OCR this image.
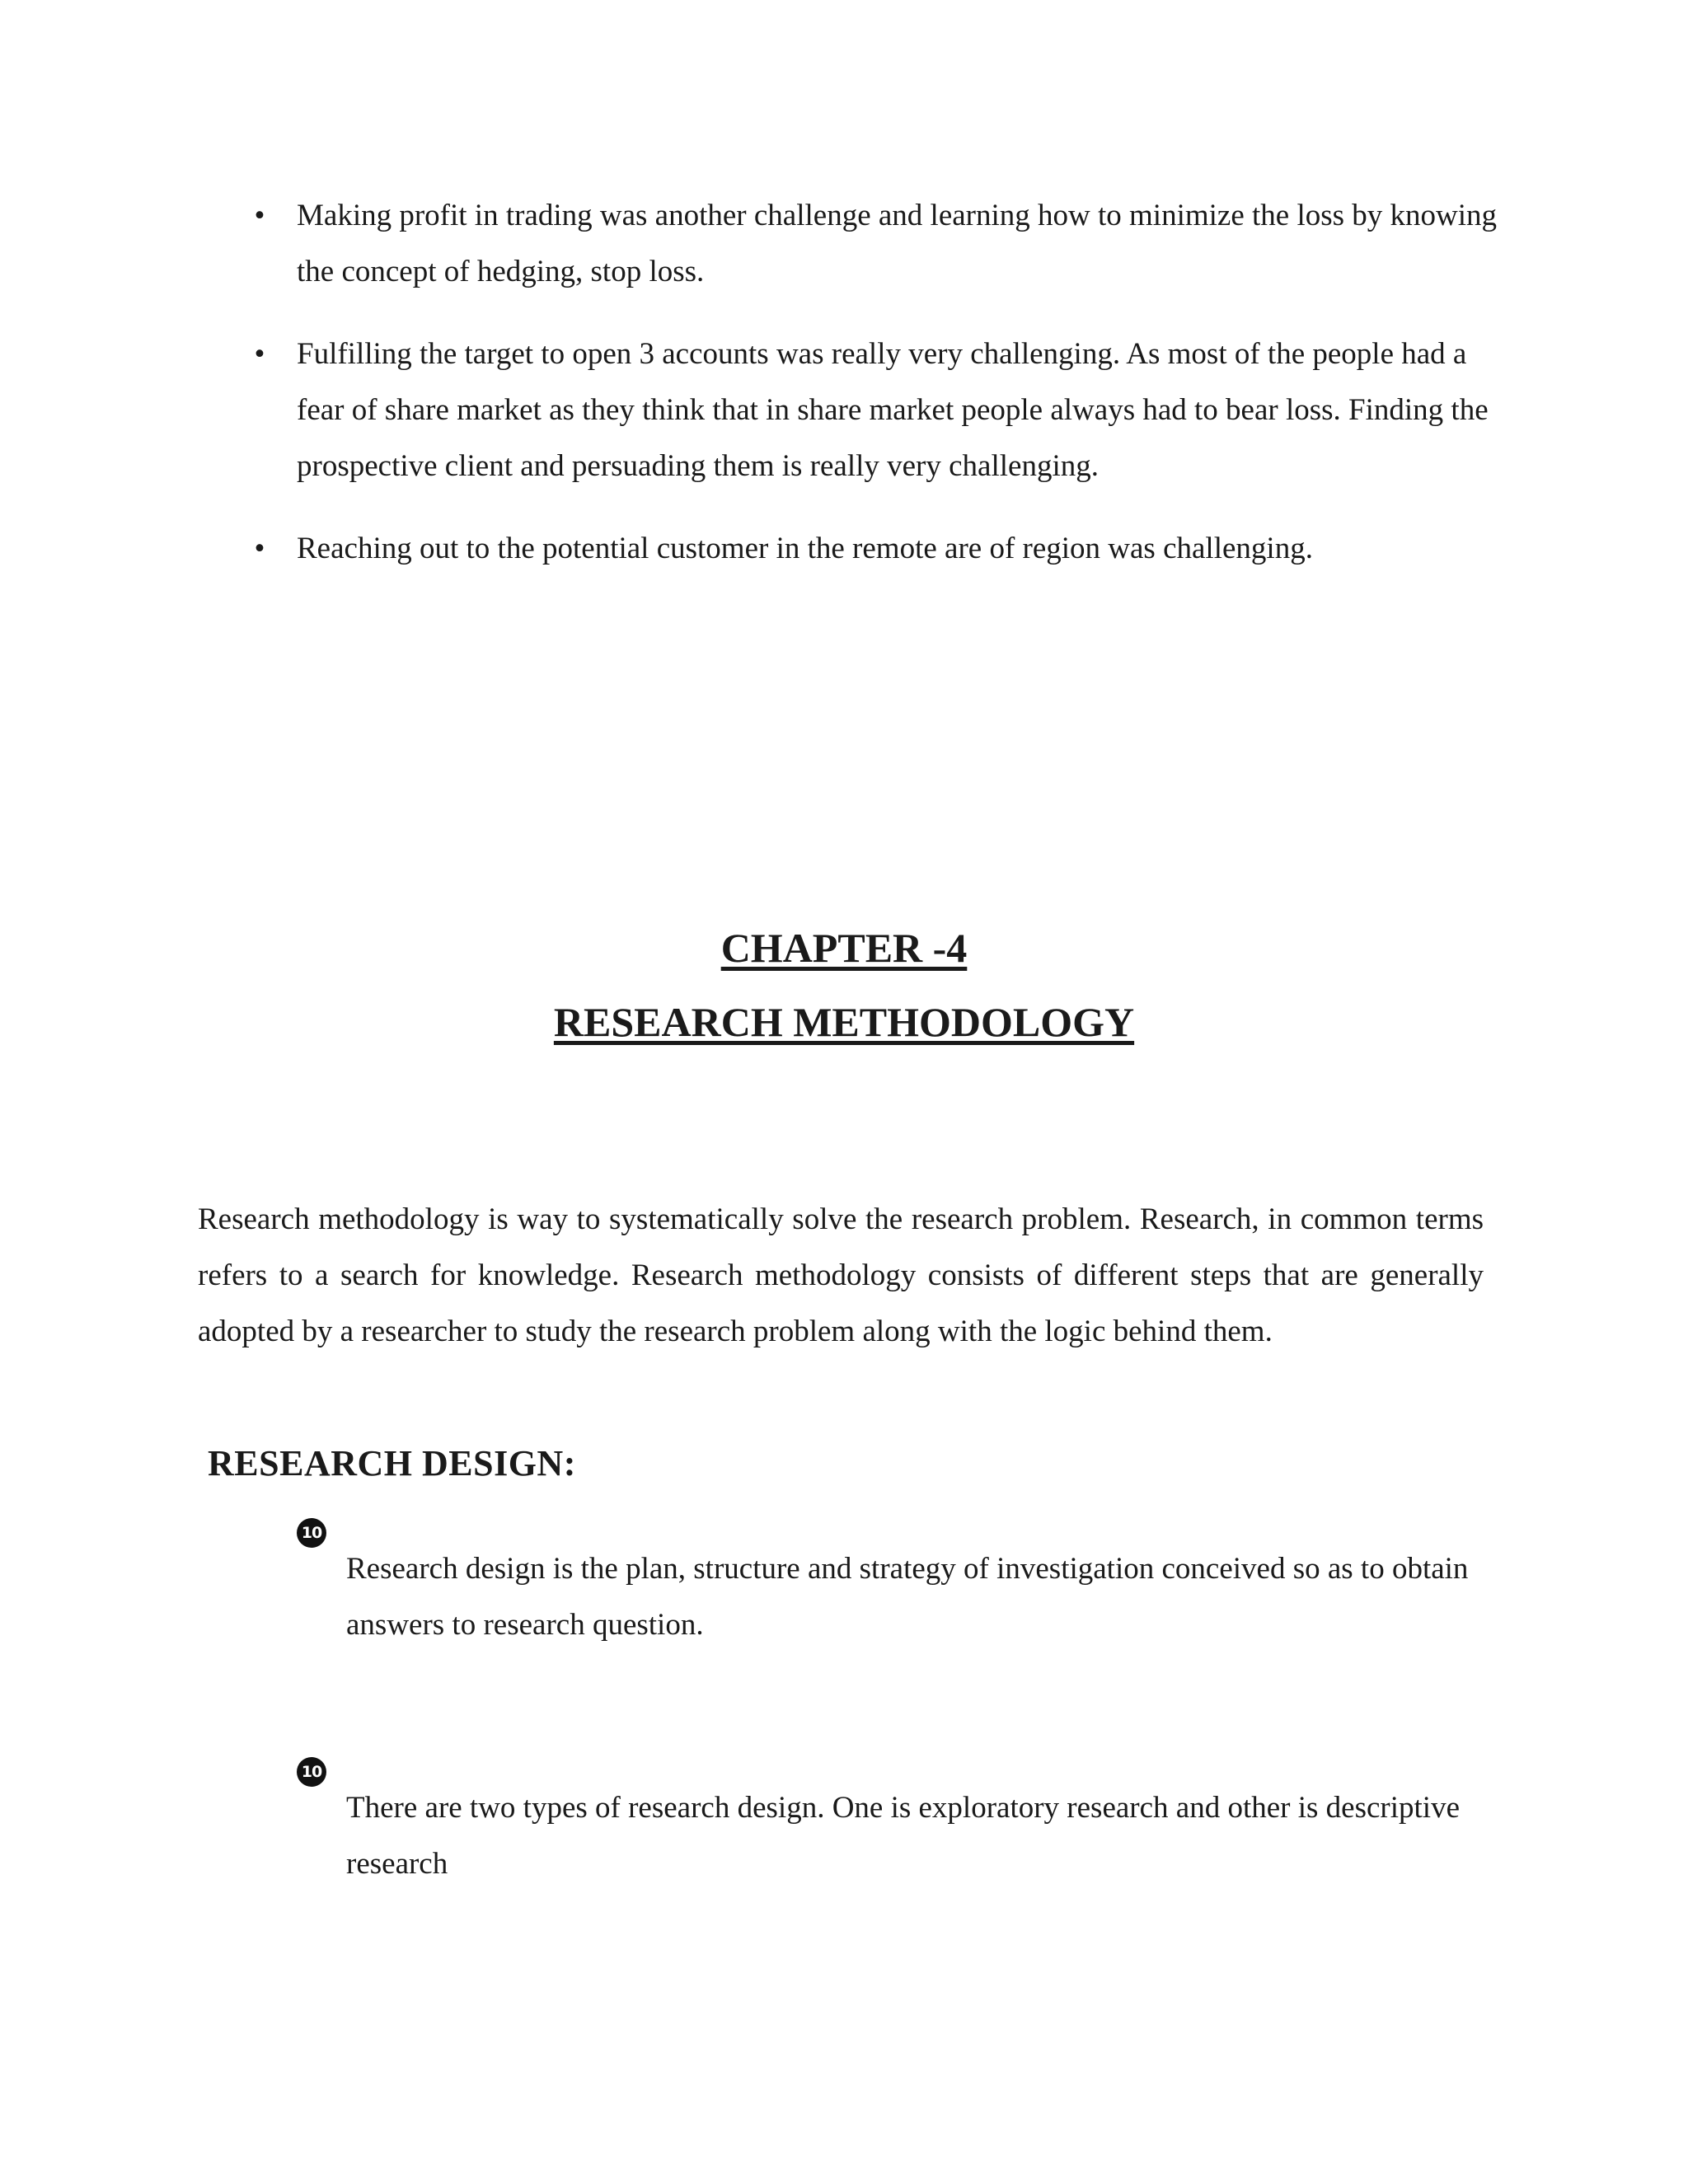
• Making profit in trading was another challenge and learning how to minimize the loss by knowing the concept of hedging, stop loss.
• Fulfilling the target to open 3 accounts was really very challenging. As most of the people had a fear of share market as they think that in share market people always had to bear loss. Finding the prospective client and persuading them is really very challenging.
• Reaching out to the potential customer in the remote are of region was challenging.
CHAPTER -4
RESEARCH METHODOLOGY

Research methodology is way to systematically solve the research problem. Research, in common terms refers to a search for knowledge. Research methodology consists of different steps that are generally adopted by a researcher to study the research problem along with the logic behind them.

RESEARCH DESIGN:
10

Research design is the plan, structure and strategy of investigation conceived so as to obtain answers to research question.

10

There are two types of research design. One is exploratory research and other is descriptive research
